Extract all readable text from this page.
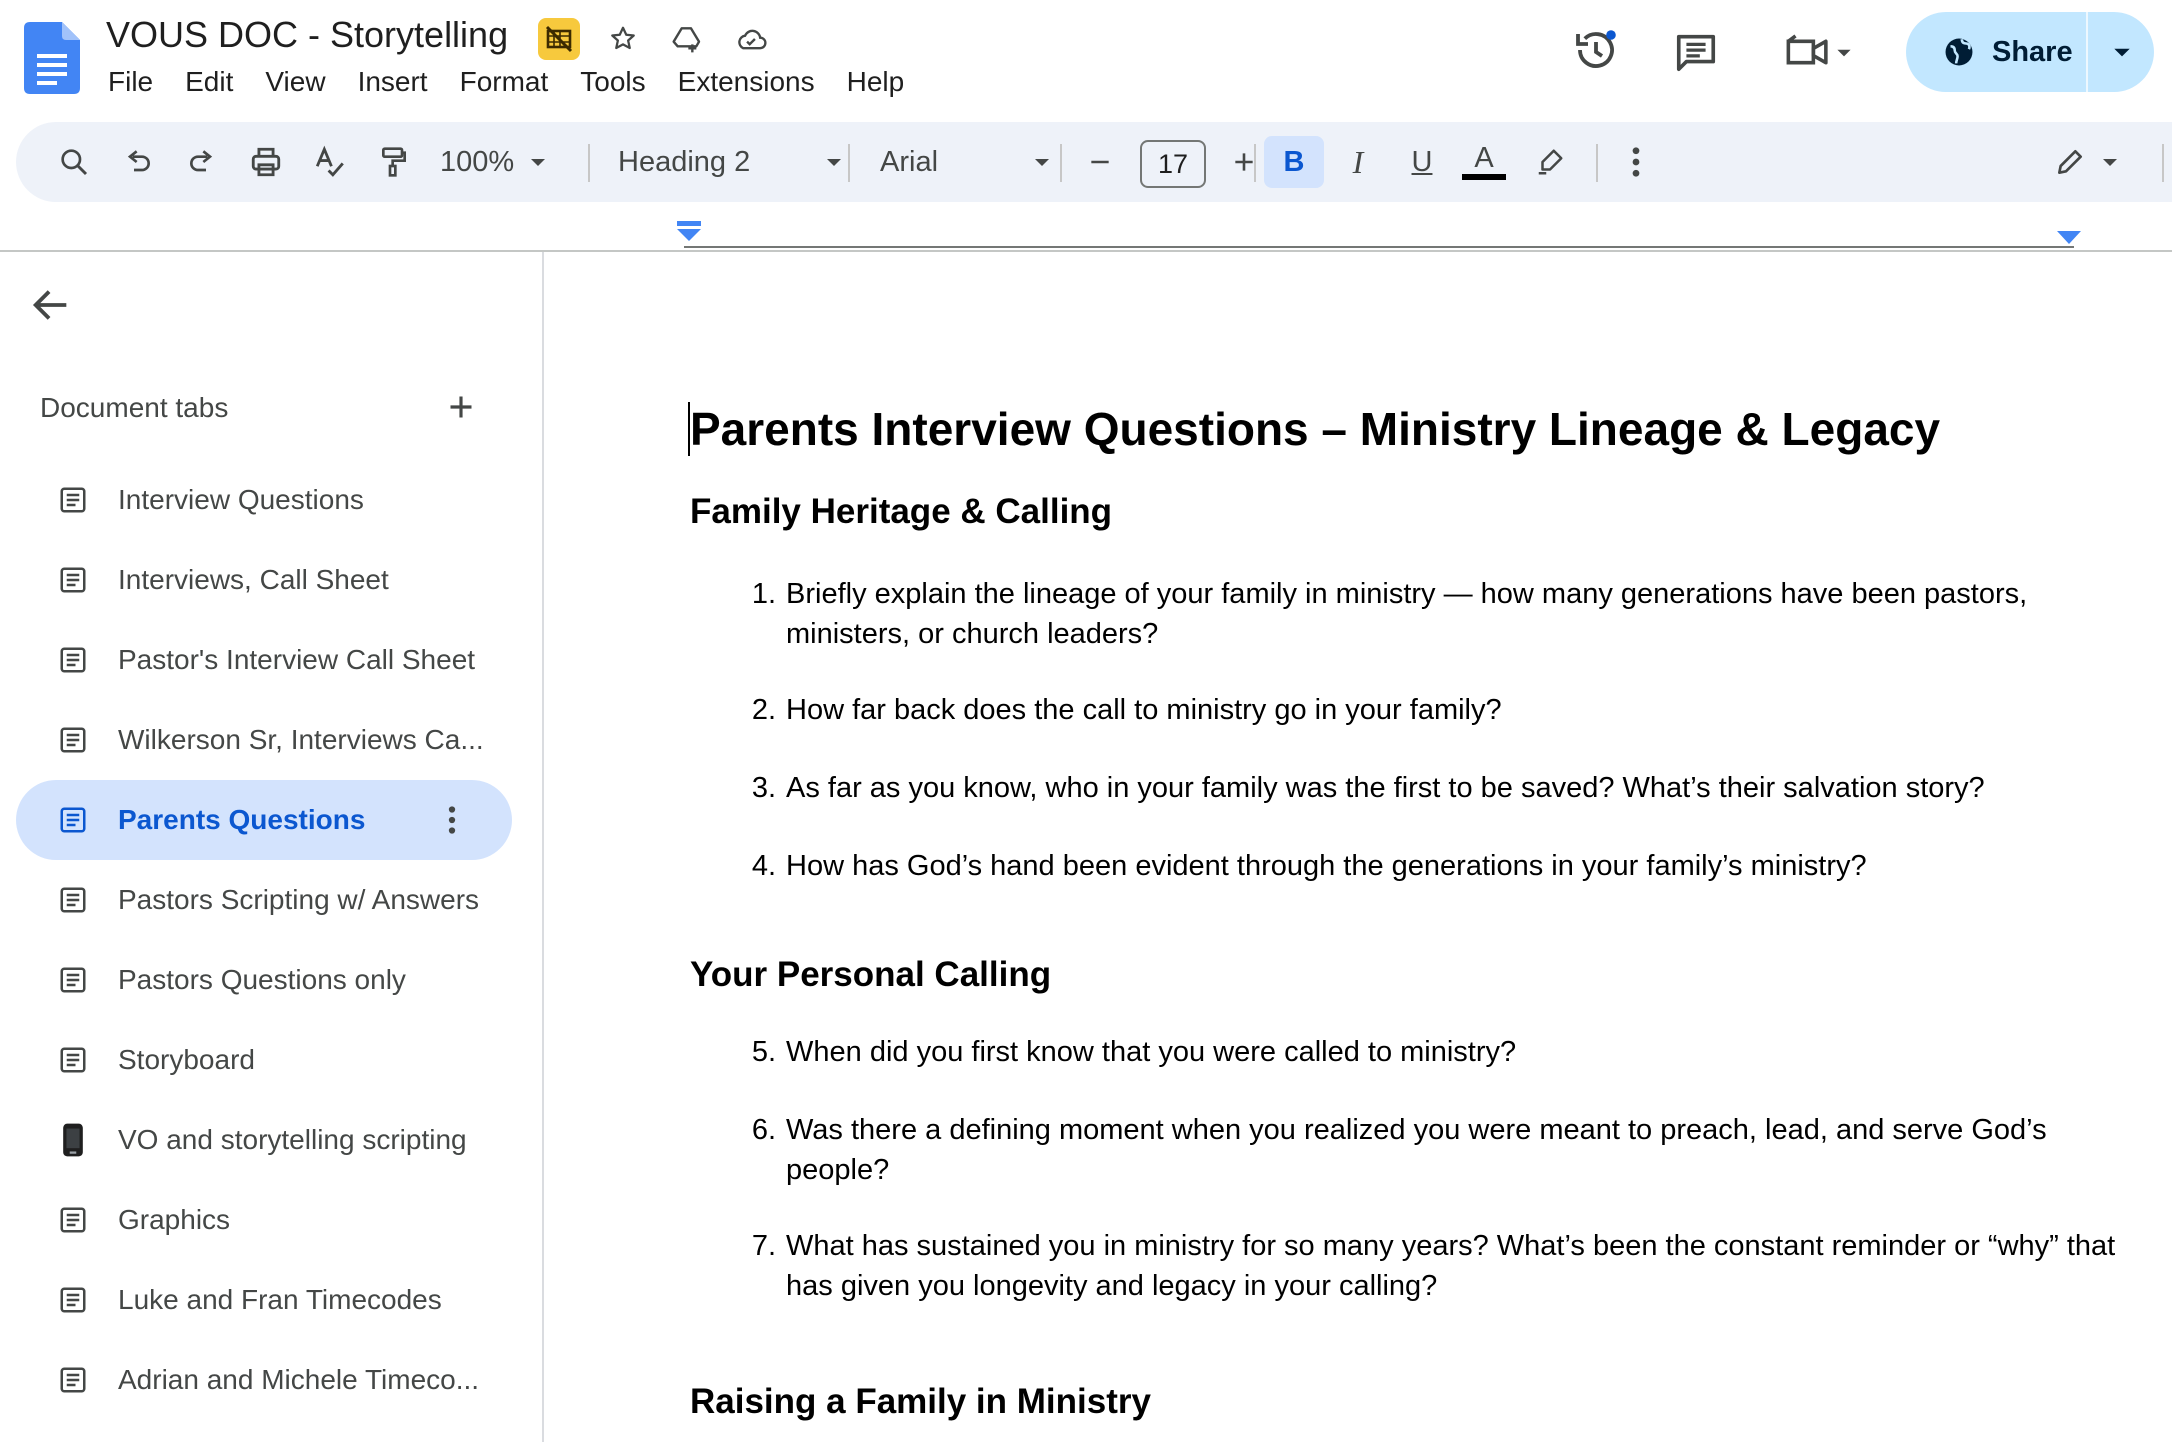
VOUS DOC - Storytelling
File Edit View Insert Format Tools Extensions Help
Share
100%	Heading 2	Arial	17	B	I	U	A
Document tabs
Interview Questions
Interviews, Call Sheet
Pastor's Interview Call Sheet
Wilkerson Sr, Interviews Ca...
Parents Questions
Pastors Scripting w/ Answers
Pastors Questions only
Storyboard
VO and storytelling scripting
Graphics
Luke and Fran Timecodes
Adrian and Michele Timeco...
Parents Interview Questions – Ministry Lineage & Legacy
Family Heritage & Calling
1. Briefly explain the lineage of your family in ministry — how many generations have been pastors, ministers, or church leaders?
2. How far back does the call to ministry go in your family?
3. As far as you know, who in your family was the first to be saved? What’s their salvation story?
4. How has God’s hand been evident through the generations in your family’s ministry?
Your Personal Calling
5. When did you first know that you were called to ministry?
6. Was there a defining moment when you realized you were meant to preach, lead, and serve God’s people?
7. What has sustained you in ministry for so many years? What’s been the constant reminder or “why” that has given you longevity and legacy in your calling?
Raising a Family in Ministry
